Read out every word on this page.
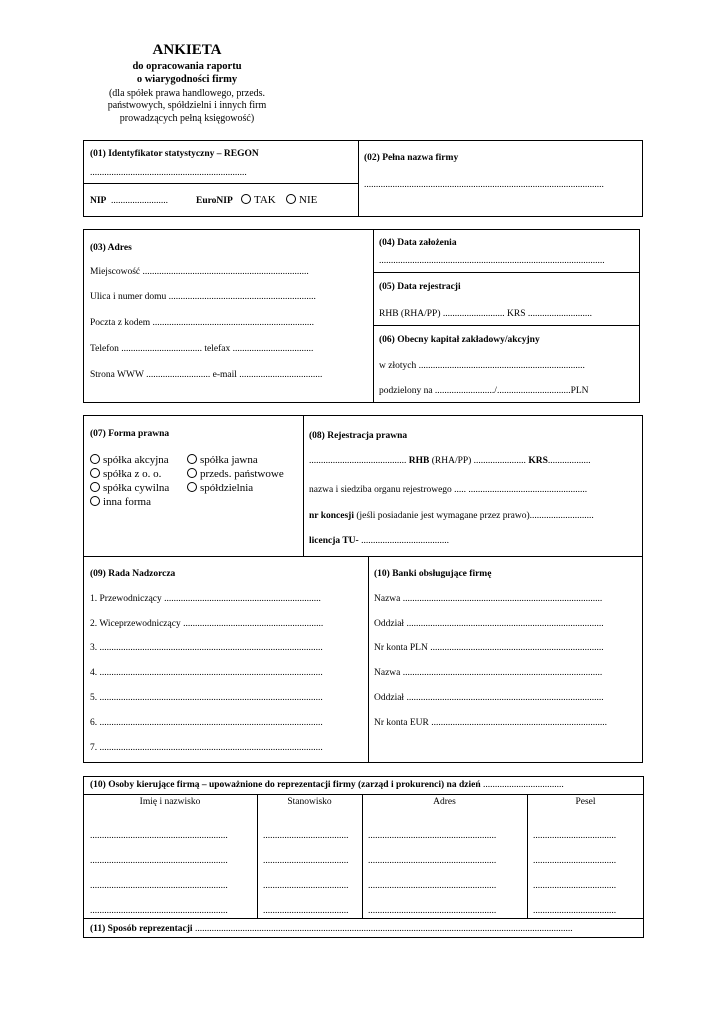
ANKIETA
do opracowania raportu
o wiarygodności firmy
(dla spółek prawa handlowego, przeds.
państwowych, spółdzielni i innych firm
prowadzących pełną księgowość)
(01) Identyfikator statystyczny – REGON
..................................................................
NIP ........................	EuroNIP	TAK	NIE
(02) Pełna nazwa firmy
.....................................................................................................
(03) Adres
Miejscowość ......................................................................
Ulica i numer domu ..............................................................
Poczta z kodem ....................................................................
Telefon .................................. telefax ..................................
Strona WWW ........................... e-mail ...................................
(04) Data założenia
...............................................................................................
(05) Data rejestracji
RHB (RHA/PP) .......................... KRS ...........................
(06) Obecny kapitał zakładowy/akcyjny
w złotych ......................................................................
podzielony na ........................./...............................PLN
(07) Forma prawna
spółka akcyjna	spółka jawna
spółka z o. o.	przeds. państwowe
spółka cywilna	spółdzielnia
inna forma
(08) Rejestracja prawna
......................................... RHB (RHA/PP) ...................... KRS..................
nazwa i siedziba organu rejestrowego ..... ..................................................
nr koncesji (jeśli posiadanie jest wymagane przez prawo)...........................
licencja TU- .....................................
(09) Rada Nadzorcza
1. Przewodniczący ..................................................................
2. Wiceprzewodniczący ...........................................................
3. ..............................................................................................
4. ..............................................................................................
5. ..............................................................................................
6. ..............................................................................................
7. ..............................................................................................
(10) Banki obsługujące firmę
Nazwa ....................................................................................
Oddział ...................................................................................
Nr konta PLN .........................................................................
Nazwa ....................................................................................
Oddział ...................................................................................
Nr konta EUR ..........................................................................
(10) Osoby kierujące firmą – upoważnione do reprezentacji firmy (zarząd i prokurenci) na dzień ..................................
Imię i nazwisko	Stanowisko	Adres	Pesel
..........................................................	.................................... ......................................................	...................................
..........................................................	.................................... ......................................................	...................................
..........................................................	.................................... ......................................................	...................................
..........................................................	.................................... ......................................................	...................................
(11) Sposób reprezentacji ...............................................................................................................................................................
